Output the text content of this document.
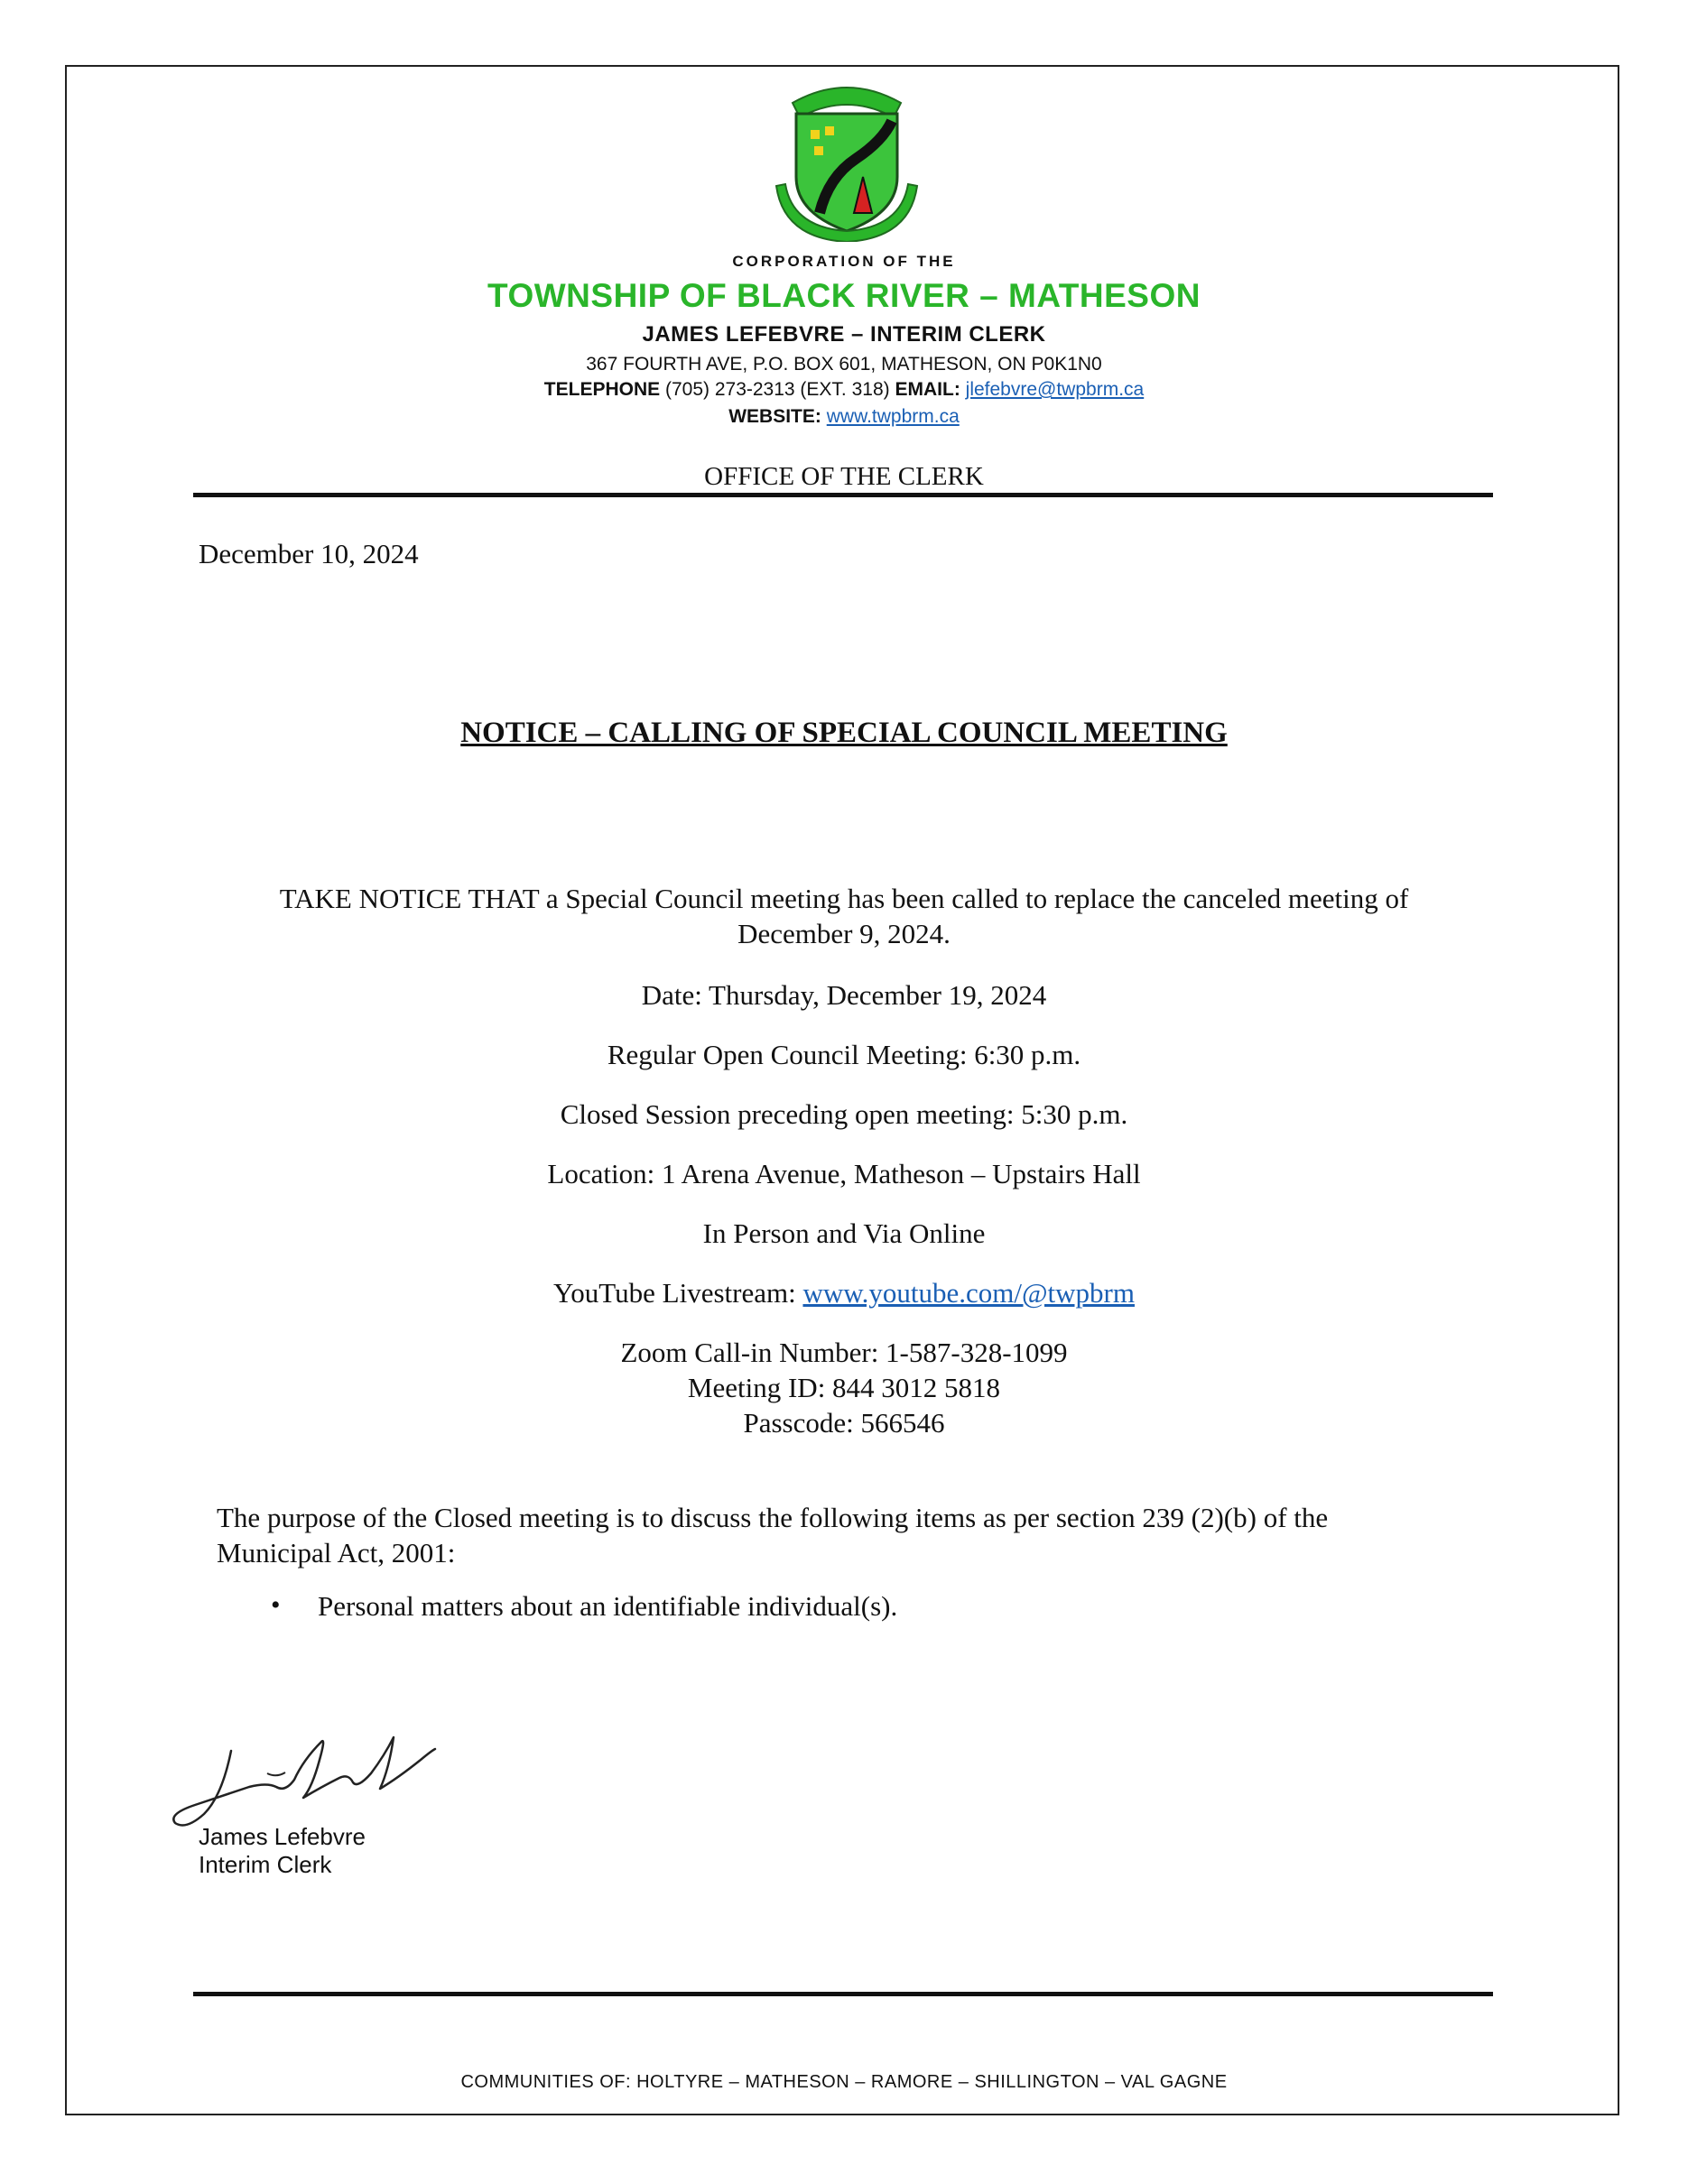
CORPORATION OF THE
TOWNSHIP OF BLACK RIVER – MATHESON
JAMES LEFEBVRE – INTERIM CLERK
367 FOURTH AVE, P.O. BOX 601, MATHESON, ON P0K1N0
TELEPHONE (705) 273-2313 (EXT. 318) EMAIL: jlefebvre@twpbrm.ca
WEBSITE: www.twpbrm.ca
OFFICE OF THE CLERK
December 10, 2024
NOTICE – CALLING OF SPECIAL COUNCIL MEETING
TAKE NOTICE THAT a Special Council meeting has been called to replace the canceled meeting of
December 9, 2024.
Date: Thursday, December 19, 2024
Regular Open Council Meeting: 6:30 p.m.
Closed Session preceding open meeting: 5:30 p.m.
Location: 1 Arena Avenue, Matheson – Upstairs Hall
In Person and Via Online
YouTube Livestream: www.youtube.com/@twpbrm
Zoom Call-in Number: 1-587-328-1099
Meeting ID: 844 3012 5818
Passcode: 566546
The purpose of the Closed meeting is to discuss the following items as per section 239 (2)(b) of the
Municipal Act, 2001:
• Personal matters about an identifiable individual(s).
James Lefebvre
Interim Clerk
COMMUNITIES OF: HOLTYRE – MATHESON – RAMORE – SHILLINGTON – VAL GAGNE
